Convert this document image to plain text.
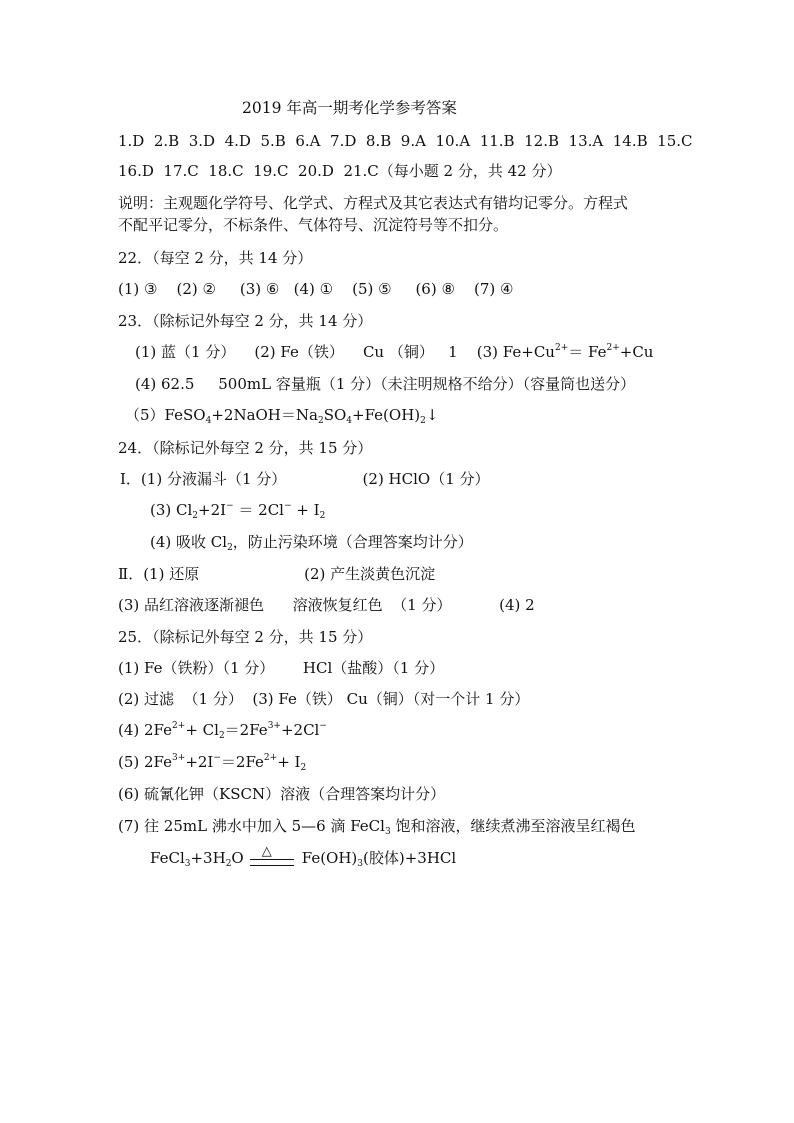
2019 年高一期考化学参考答案
1.D  2.B  3.D  4.D  5.B  6.A  7.D  8.B  9.A  10.A  11.B  12.B  13.A  14.B  15.C
16.D  17.C  18.C  19.C  20.D  21.C（每小题 2 分，共 42 分）
说明：主观题化学符号、化学式、方程式及其它表达式有错均记零分。方程式
不配平记零分，不标条件、气体符号、沉淀符号等不扣分。
22．（每空 2 分，共 14 分）
(1) ③    (2) ②     (3) ⑥   (4) ①    (5) ⑤     (6) ⑧    (7) ④
23．（除标记外每空 2 分，共 14 分）
(1) 蓝（1 分）    (2) Fe（铁）    Cu （铜）   1    (3) $Fe+Cu^{2+}= Fe^{2+}+Cu$
(4) 62.5     500mL 容量瓶（1 分）（未注明规格不给分）（容量筒也送分）
$(5)FeSO_4+2NaOH=Na_2SO_4+Fe(OH)_2↓$
24．（除标记外每空 2 分，共 15 分）
Ⅰ．(1) 分液漏斗（1 分）                (2) HClO（1 分）
(3) $Cl_2+2I^- = 2Cl^- + I_2$
(4) 吸收 $Cl_2$，防止污染环境（合理答案均计分）
Ⅱ．(1) 还原                      (2) 产生淡黄色沉淀
(3) 品红溶液逐渐褪色      溶液恢复红色  （1 分）          (4) 2
25．（除标记外每空 2 分，共 15 分）
(1) Fe（铁粉）（1 分）      HCl（盐酸）（1 分）
(2) 过滤  （1 分）  (3) Fe（铁） Cu（铜）（对一个计 1 分）
(4) $2Fe^{2+}+ Cl_2=2Fe^{3+}+2Cl^-$
(5) $2Fe^{3+}+2I^-=2Fe^{2+}+ I_2$
(6) 硫氰化钾（KSCN）溶液（合理答案均计分）
(7) 往 25mL 沸水中加入 5—6 滴 FeCl$_3$ 饱和溶液，继续煮沸至溶液呈红褐色
$FeCl_3+3H_2O$ △ $Fe(OH)_3$(胶体)+3HCl
